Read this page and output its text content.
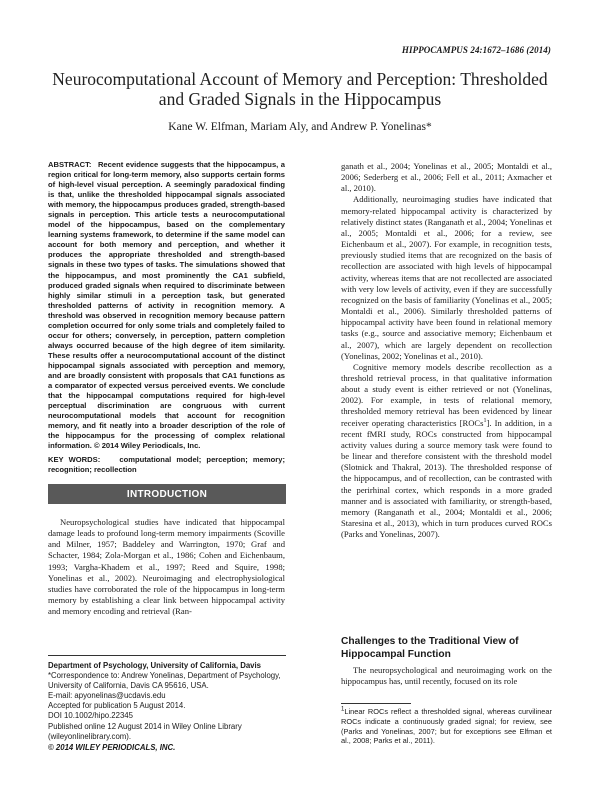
HIPPOCAMPUS 24:1672–1686 (2014)
Neurocomputational Account of Memory and Perception: Thresholded
and Graded Signals in the Hippocampus
Kane W. Elfman, Mariam Aly, and Andrew P. Yonelinas*
ABSTRACT: Recent evidence suggests that the hippocampus, a region critical for long-term memory, also supports certain forms of high-level visual perception. A seemingly paradoxical finding is that, unlike the thresholded hippocampal signals associated with memory, the hippocampus produces graded, strength-based signals in perception. This article tests a neurocomputational model of the hippocampus, based on the complementary learning systems framework, to determine if the same model can account for both memory and perception, and whether it produces the appropriate thresholded and strength-based signals in these two types of tasks. The simulations showed that the hippocampus, and most prominently the CA1 subfield, produced graded signals when required to discriminate between highly similar stimuli in a perception task, but generated thresholded patterns of activity in recognition memory. A threshold was observed in recognition memory because pattern completion occurred for only some trials and completely failed to occur for others; conversely, in perception, pattern completion always occurred because of the high degree of item similarity. These results offer a neurocomputational account of the distinct hippocampal signals associated with perception and memory, and are broadly consistent with proposals that CA1 functions as a comparator of expected versus perceived events. We conclude that the hippocampal computations required for high-level perceptual discrimination are congruous with current neurocomputational models that account for recognition memory, and fit neatly into a broader description of the role of the hippocampus for the processing of complex relational information. © 2014 Wiley Periodicals, Inc.
KEY WORDS:	computational model; perception; memory; recognition; recollection
INTRODUCTION

Neuropsychological studies have indicated that hippocampal damage leads to profound long-term memory impairments (Scoville and Milner, 1957; Baddeley and Warrington, 1970; Graf and Schacter, 1984; Zola-Morgan et al., 1986; Cohen and Eichenbaum, 1993; Vargha-Khadem et al., 1997; Reed and Squire, 1998; Yonelinas et al., 2002). Neuroimaging and electrophysiological studies have corroborated the role of the hippocampus in long-term memory by establishing a clear link between hippocampal activity and memory encoding and retrieval (Ran-

Department of Psychology, University of California, Davis
*Correspondence to: Andrew Yonelinas, Department of Psychology, University of California, Davis CA 95616, USA.
E-mail: apyonelinas@ucdavis.edu
Accepted for publication 5 August 2014.
DOI 10.1002/hipo.22345
Published online 12 August 2014 in Wiley Online Library (wileyonlinelibrary.com).
© 2014 WILEY PERIODICALS, INC.

ganath et al., 2004; Yonelinas et al., 2005; Montaldi et al., 2006; Sederberg et al., 2006; Fell et al., 2011; Axmacher et al., 2010).

Additionally, neuroimaging studies have indicated that memory-related hippocampal activity is characterized by relatively distinct states (Ranganath et al., 2004; Yonelinas et al., 2005; Montaldi et al., 2006; for a review, see Eichenbaum et al., 2007). For example, in recognition tests, previously studied items that are recognized on the basis of recollection are associated with high levels of hippocampal activity, whereas items that are not recollected are associated with very low levels of activity, even if they are successfully recognized on the basis of familiarity (Yonelinas et al., 2005; Montaldi et al., 2006). Similarly thresholded patterns of hippocampal activity have been found in relational memory tasks (e.g., source and associative memory; Eichenbaum et al., 2007), which are largely dependent on recollection (Yonelinas, 2002; Yonelinas et al., 2010).

Cognitive memory models describe recollection as a threshold retrieval process, in that qualitative information about a study event is either retrieved or not (Yonelinas, 2002). For example, in tests of relational memory, thresholded memory retrieval has been evidenced by linear receiver operating characteristics [ROCs$^1$]. In addition, in a recent fMRI study, ROCs constructed from hippocampal activity values during a source memory task were found to be linear and therefore consistent with the threshold model (Slotnick and Thakral, 2013). The thresholded response of the hippocampus, and of recollection, can be contrasted with the perirhinal cortex, which responds in a more graded manner and is associated with familiarity, or strength-based, memory (Ranganath et al., 2004; Montaldi et al., 2006; Staresina et al., 2013), which in turn produces curved ROCs (Parks and Yonelinas, 2007).

Challenges to the Traditional View of Hippocampal Function

The neuropsychological and neuroimaging work on the hippocampus has, until recently, focused on its role

$^1$Linear ROCs reflect a thresholded signal, whereas curvilinear ROCs indicate a continuously graded signal; for review, see (Parks and Yonelinas, 2007; but for exceptions see Elfman et al., 2008; Parks et al., 2011).
